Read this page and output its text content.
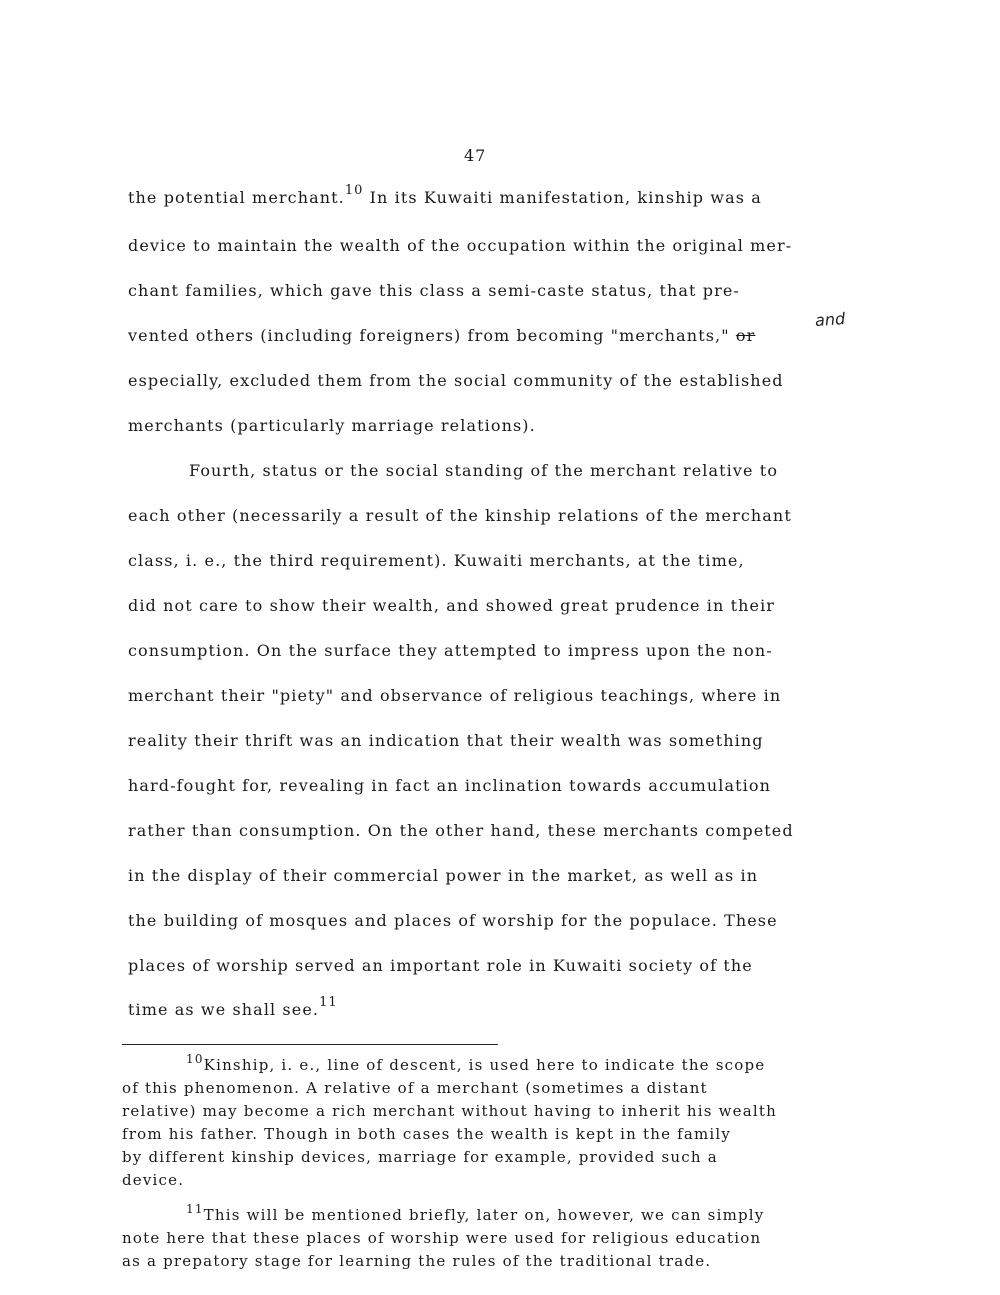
47
the potential merchant.$^{10}$ In its Kuwaiti manifestation, kinship was a
device to maintain the wealth of the occupation within the original mer-
chant families, which gave this class a semi-caste status, that pre-
vented others (including foreigners) from becoming "merchants," or
and
especially, excluded them from the social community of the established
merchants (particularly marriage relations).
Fourth, status or the social standing of the merchant relative to
each other (necessarily a result of the kinship relations of the merchant
class, i. e., the third requirement). Kuwaiti merchants, at the time,
did not care to show their wealth, and showed great prudence in their
consumption. On the surface they attempted to impress upon the non-
merchant their "piety" and observance of religious teachings, where in
reality their thrift was an indication that their wealth was something
hard-fought for, revealing in fact an inclination towards accumulation
rather than consumption. On the other hand, these merchants competed
in the display of their commercial power in the market, as well as in
the building of mosques and places of worship for the populace. These
places of worship served an important role in Kuwaiti society of the
time as we shall see.$^{11}$
$^{10}$Kinship, i. e., line of descent, is used here to indicate the scope
of this phenomenon. A relative of a merchant (sometimes a distant
relative) may become a rich merchant without having to inherit his wealth
from his father. Though in both cases the wealth is kept in the family
by different kinship devices, marriage for example, provided such a
device.
$^{11}$This will be mentioned briefly, later on, however, we can simply
note here that these places of worship were used for religious education
as a prepatory stage for learning the rules of the traditional trade.
